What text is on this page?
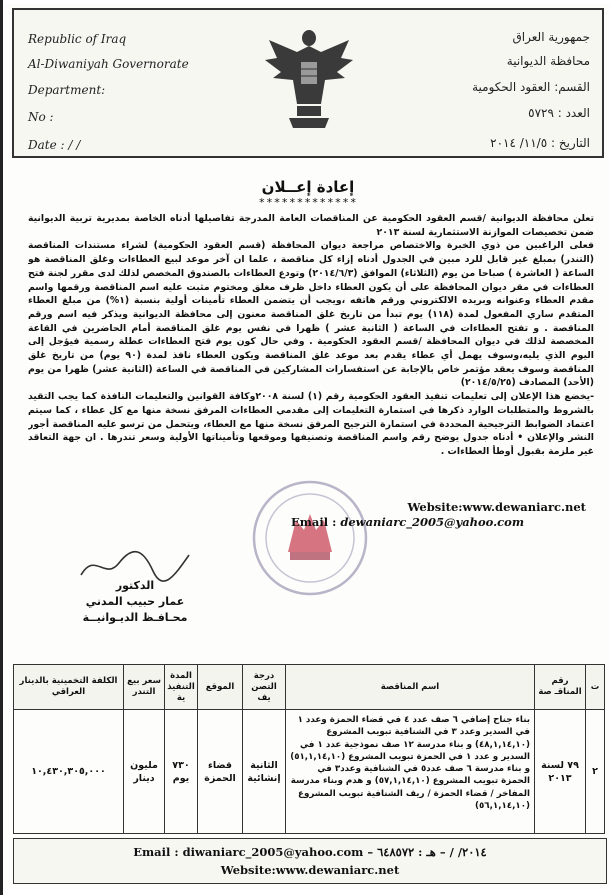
Republic of Iraq
Al-Diwaniyah Governorate
Department:
No :
Date : / /
جمهورية العراق
محافظة الديوانية
القسم: العقود الحكومية
العدد : ٥٧٢٩
التاريخ : ١١/٥/ ٢٠١٤
إعادة إعــلان
*************
تعلن محافظة الديوانية /قسم العقود الحكومية عن المناقصات العامة المدرجة تفاصيلها أدناه الخاصة بمديرية تربية الديوانية ضمن تخصيصات الموازنة الاستثمارية لسنة ٢٠١٣
فعلى الراغبين من ذوي الخبرة والاختصاص مراجعة ديوان المحافظة (قسم العقود الحكومية) لشراء مستندات المناقصة (التندر) بمبلغ غير قابل للرد مبين في الجدول أدناه إزاء كل مناقصة ، علما ان آخر موعد لبيع العطاءات وغلق المناقصة هو الساعة ( العاشرة ) صباحا من يوم (الثلاثاء) الموافق (٢٠١٤/٦/٣) وتودع العطاءات بالصندوق المخصص لذلك لدى مقرر لجنة فتح العطاءات في مقر ديوان المحافظة على أن يكون العطاء داخل ظرف مغلق ومختوم مثبت عليه اسم المناقصة ورقمها واسم مقدم العطاء وعنوانه وبريده الالكتروني ورقم هاتفه ،ويجب أن يتضمن العطاء تأمينات أولية بنسبة (١%) من مبلغ العطاء المتقدم ساري المفعول لمدة (١١٨) يوم تبدأ من تاريخ غلق المناقصة معنون إلى محافظة الديوانية ويذكر فيه اسم ورقم المناقصة . و تفتح العطاءات في الساعة ( الثانية عشر ) ظهرا في نفس يوم غلق المناقصة أمام الحاضرين في القاعة المخصصة لذلك في ديوان المحافظة /قسم العقود الحكومية . وفي حال كون يوم فتح العطاءات عطلة رسمية فيؤجل إلى اليوم الذي يليه،وسوف يهمل أي عطاء يقدم بعد موعد غلق المناقصة ويكون العطاء نافذ لمدة (٩٠ يوم) من تاريخ غلق المناقصة وسوف يعقد مؤتمر خاص بالإجابة عن استفسارات المشاركين في المناقصة في الساعة (الثانية عشر) ظهرا من يوم (الأحد) المصادف (٢٠١٤/٥/٢٥)
-يخضع هذا الإعلان إلى تعليمات تنفيذ العقود الحكومية رقم (١) لسنة ٢٠٠٨وكافة القوانين والتعليمات النافذة كما يجب التقيد بالشروط والمتطلبات الوارد ذكرها في استمارة التعليمات إلى مقدمي العطاءات المرفق نسخة منها مع كل عطاء ، كما سيتم اعتماد الضوابط الترجيحية المحددة في استمارة الترجيح المرفق نسخة منها مع العطاء، ويتحمل من ترسو عليه المناقصة أجور النشر والإعلان • أدناه جدول يوضح رقم واسم المناقصة وتصنيفها وموقعها وتأميناتها الأولية وسعر تندرها . ان جهة التعاقد غير ملزمة بقبول أوطأ العطاءات .
Website:www.dewaniarc.net
Email : dewaniarc_2005@yahoo.com
الدكتور
عمار حبيب المدني
محـافـظ الديـوانيــة
ت	رقم المناقـ صة	اسم المناقصة	درجة التصن يف	الموقع	المدة التنفيذ ية	سعر بيع التندر	الكلفة التخمينية بالدينار العراقي
٢	٧٩ لسنة ٢٠١٣	بناء جناح إضافي ٦ صف عدد ٤ في قضاء الحمزة وعدد ١ في السدير وعدد ٣ في الشنافية تبويب المشروع (٤٨,١,١٤,١٠) و بناء مدرسة ١٢ صف نموذجية عدد ١ في السدير و عدد ١ في الحمزة تبويب المشروع (٥١,١,١٤,١٠) و بناء مدرسة ٦ صف عدد٥ في الشنافية وعدد٣ في الحمزة تبويب المشروع (٥٧,١,١٤,١٠) و هدم وبناء مدرسة المفاخر / قضاء الحمزة / ريف الشنافية تبويب المشروع (٥٦,١,١٤,١٠)	الثانية إنشائية	قضاء الحمزة	٧٣٠ يوم	مليون دينار	١٠,٤٣٠,٣٠٥,٠٠٠
Email : diwaniarc_2005@yahoo.com – ٢٠١٤/ / – هـ : ٦٤٨٥٧٢
Website:www.dewaniarc.net
